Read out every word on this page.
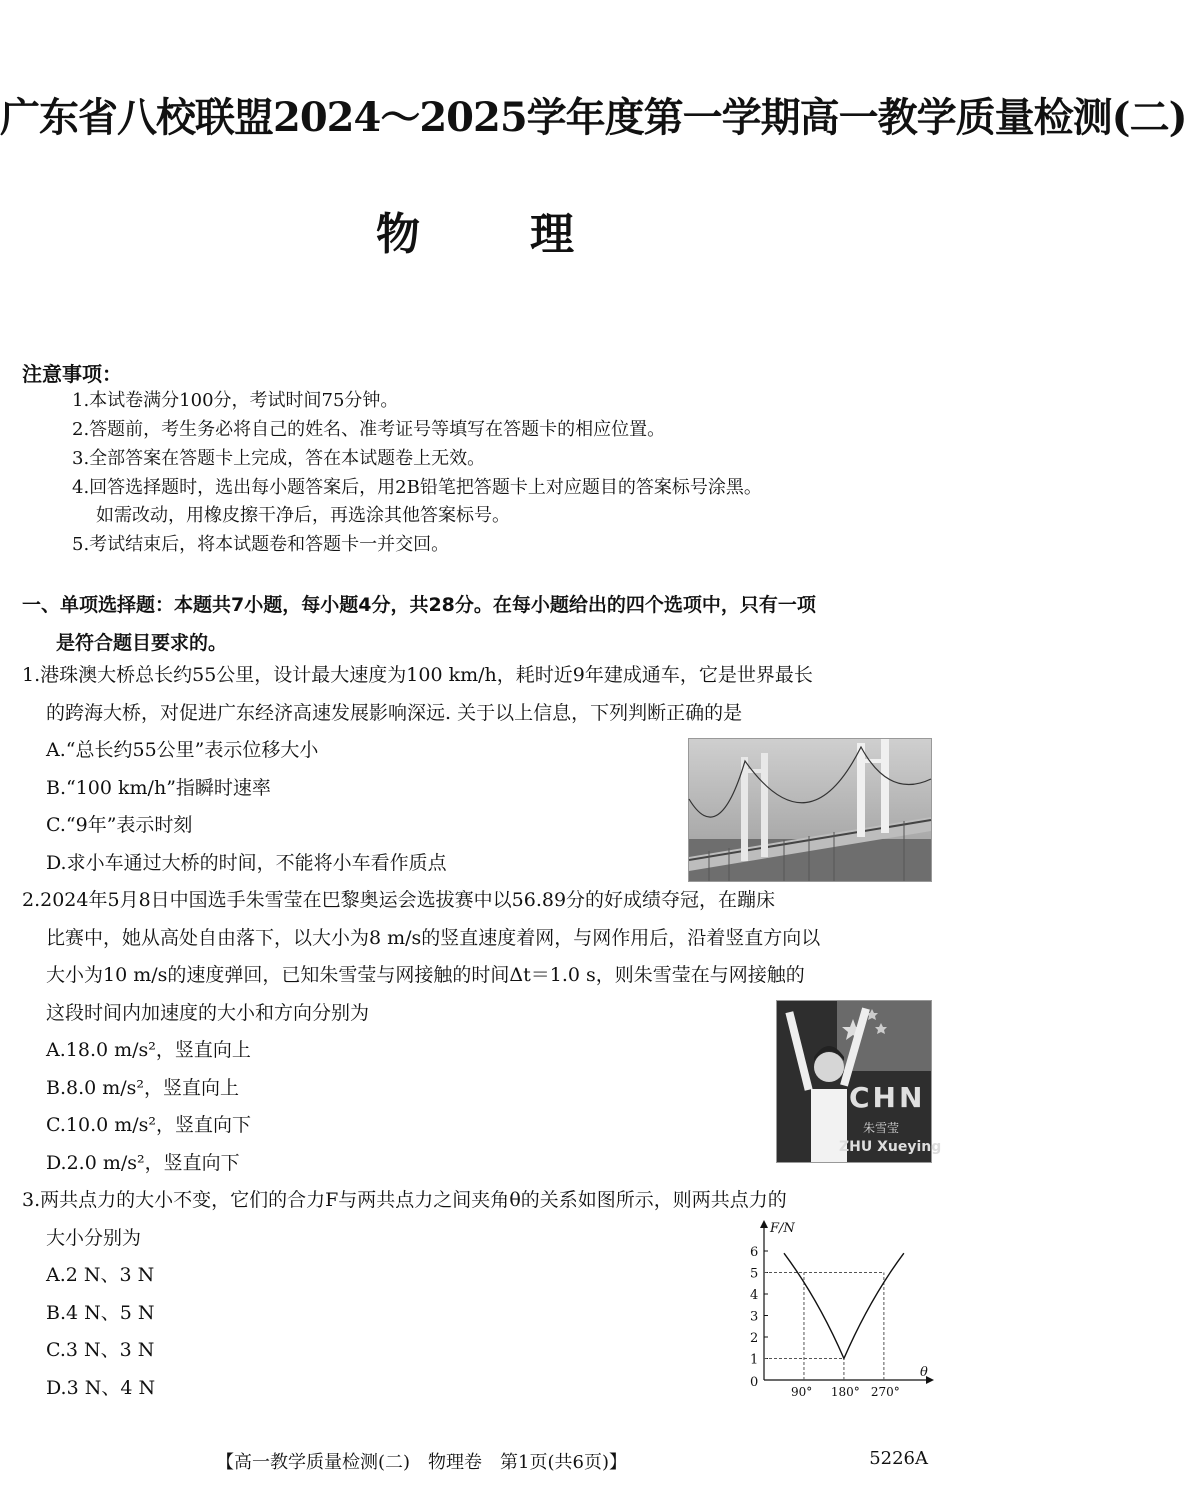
广东省八校联盟2024～2025学年度第一学期高一教学质量检测(二)
物理
注意事项：
1.本试卷满分100分，考试时间75分钟。
2.答题前，考生务必将自己的姓名、准考证号等填写在答题卡的相应位置。
3.全部答案在答题卡上完成，答在本试题卷上无效。
4.回答选择题时，选出每小题答案后，用2B铅笔把答题卡上对应题目的答案标号涂黑。
如需改动，用橡皮擦干净后，再选涂其他答案标号。
5.考试结束后，将本试题卷和答题卡一并交回。
一、单项选择题：本题共7小题，每小题4分，共28分。在每小题给出的四个选项中，只有一项
是符合题目要求的。
1.港珠澳大桥总长约55公里，设计最大速度为100 km/h，耗时近9年建成通车，它是世界最长
的跨海大桥，对促进广东经济高速发展影响深远. 关于以上信息，下列判断正确的是
A.“总长约55公里”表示位移大小
B.“100 km/h”指瞬时速率
C.“9年”表示时刻
D.求小车通过大桥的时间，不能将小车看作质点
2.2024年5月8日中国选手朱雪莹在巴黎奥运会选拔赛中以56.89分的好成绩夺冠，在蹦床
比赛中，她从高处自由落下，以大小为8 m/s的竖直速度着网，与网作用后，沿着竖直方向以
大小为10 m/s的速度弹回，已知朱雪莹与网接触的时间Δt＝1.0 s，则朱雪莹在与网接触的
这段时间内加速度的大小和方向分别为
A.18.0 m/s²，竖直向上
B.8.0 m/s²，竖直向上
C.10.0 m/s²，竖直向下
D.2.0 m/s²，竖直向下
CHN
朱雪莹
ZHU Xueying
3.两共点力的大小不变，它们的合力F与两共点力之间夹角θ的关系如图所示，则两共点力的
大小分别为
A.2 N、3 N
B.4 N、5 N
C.3 N、3 N
D.3 N、4 N
1
2
3
4
5
6
0
90° 180° 270°
F/N
θ
【高一教学质量检测(二)　物理卷　第1页(共6页)】	5226A
